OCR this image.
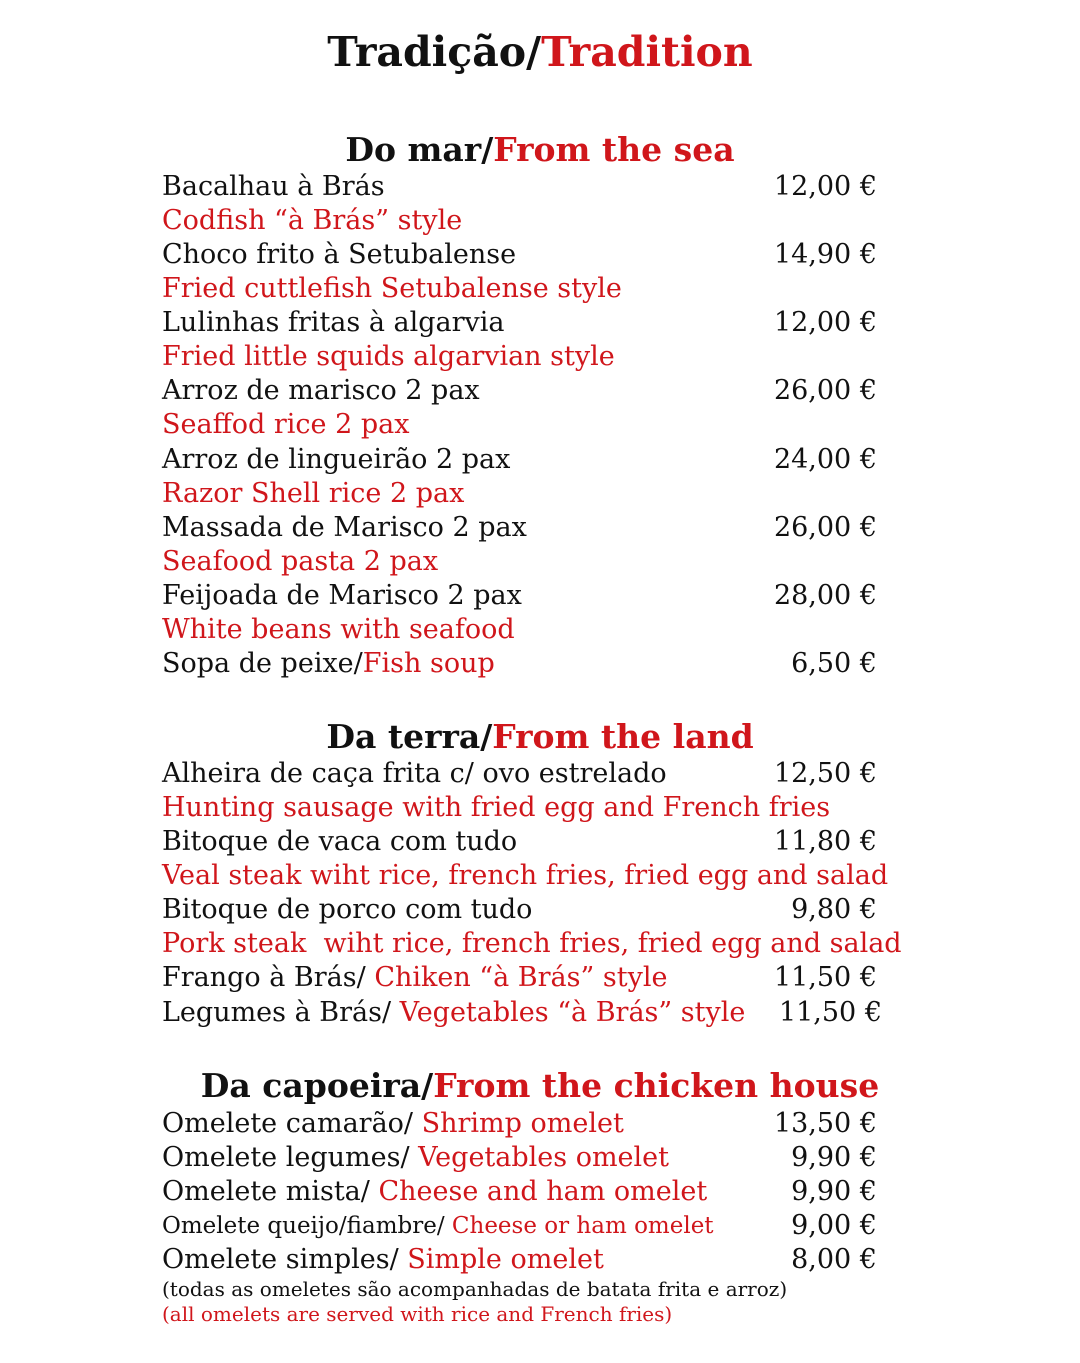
Tradição/Tradition
Do mar/From the sea
Bacalhau à Brás	12,00 €
Codfish “à Brás” style
Choco frito à Setubalense	14,90 €
Fried cuttlefish Setubalense style
Lulinhas fritas à algarvia	12,00 €
Fried little squids algarvian style
Arroz de marisco 2 pax	26,00 €
Seaffod rice 2 pax
Arroz de lingueirão 2 pax	24,00 €
Razor Shell rice 2 pax
Massada de Marisco 2 pax	26,00 €
Seafood pasta 2 pax
Feijoada de Marisco 2 pax	28,00 €
White beans with seafood
Sopa de peixe/Fish soup	6,50 €
Da terra/From the land
Alheira de caça frita c/ ovo estrelado	12,50 €
Hunting sausage with fried egg and French fries
Bitoque de vaca com tudo	11,80 €
Veal steak wiht rice, french fries, fried egg and salad
Bitoque de porco com tudo	9,80 €
Pork steak  wiht rice, french fries, fried egg and salad
Frango à Brás/ Chiken “à Brás” style	11,50 €
Legumes à Brás/ Vegetables “à Brás” style 11,50 €
Da capoeira/From the chicken house
Omelete camarão/ Shrimp omelet	13,50 €
Omelete legumes/ Vegetables omelet	9,90 €
Omelete mista/ Cheese and ham omelet	9,90 €
Omelete queijo/fiambre/ Cheese or ham omelet	9,00 €
Omelete simples/ Simple omelet	8,00 €
(todas as omeletes são acompanhadas de batata frita e arroz)
(all omelets are served with rice and French fries)
